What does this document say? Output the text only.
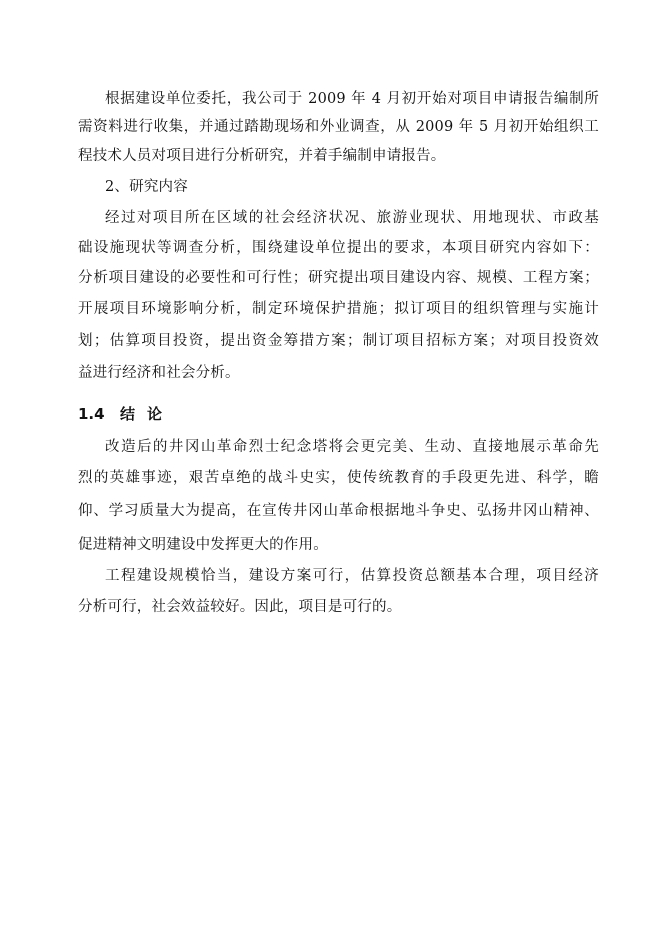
根据建设单位委托，我公司于 2009 年 4 月初开始对项目申请报告编制所
需资料进行收集，并通过踏勘现场和外业调查，从 2009 年 5 月初开始组织工
程技术人员对项目进行分析研究，并着手编制申请报告。
2、研究内容
经过对项目所在区域的社会经济状况、旅游业现状、用地现状、市政基
础设施现状等调查分析，围绕建设单位提出的要求，本项目研究内容如下：
分析项目建设的必要性和可行性；研究提出项目建设内容、规模、工程方案；
开展项目环境影响分析，制定环境保护措施；拟订项目的组织管理与实施计
划；估算项目投资，提出资金筹措方案；制订项目招标方案；对项目投资效
益进行经济和社会分析。
1.4 结论
改造后的井冈山革命烈士纪念塔将会更完美、生动、直接地展示革命先
烈的英雄事迹，艰苦卓绝的战斗史实，使传统教育的手段更先进、科学，瞻
仰、学习质量大为提高，在宣传井冈山革命根据地斗争史、弘扬井冈山精神、
促进精神文明建设中发挥更大的作用。
工程建设规模恰当，建设方案可行，估算投资总额基本合理，项目经济
分析可行，社会效益较好。因此，项目是可行的。
